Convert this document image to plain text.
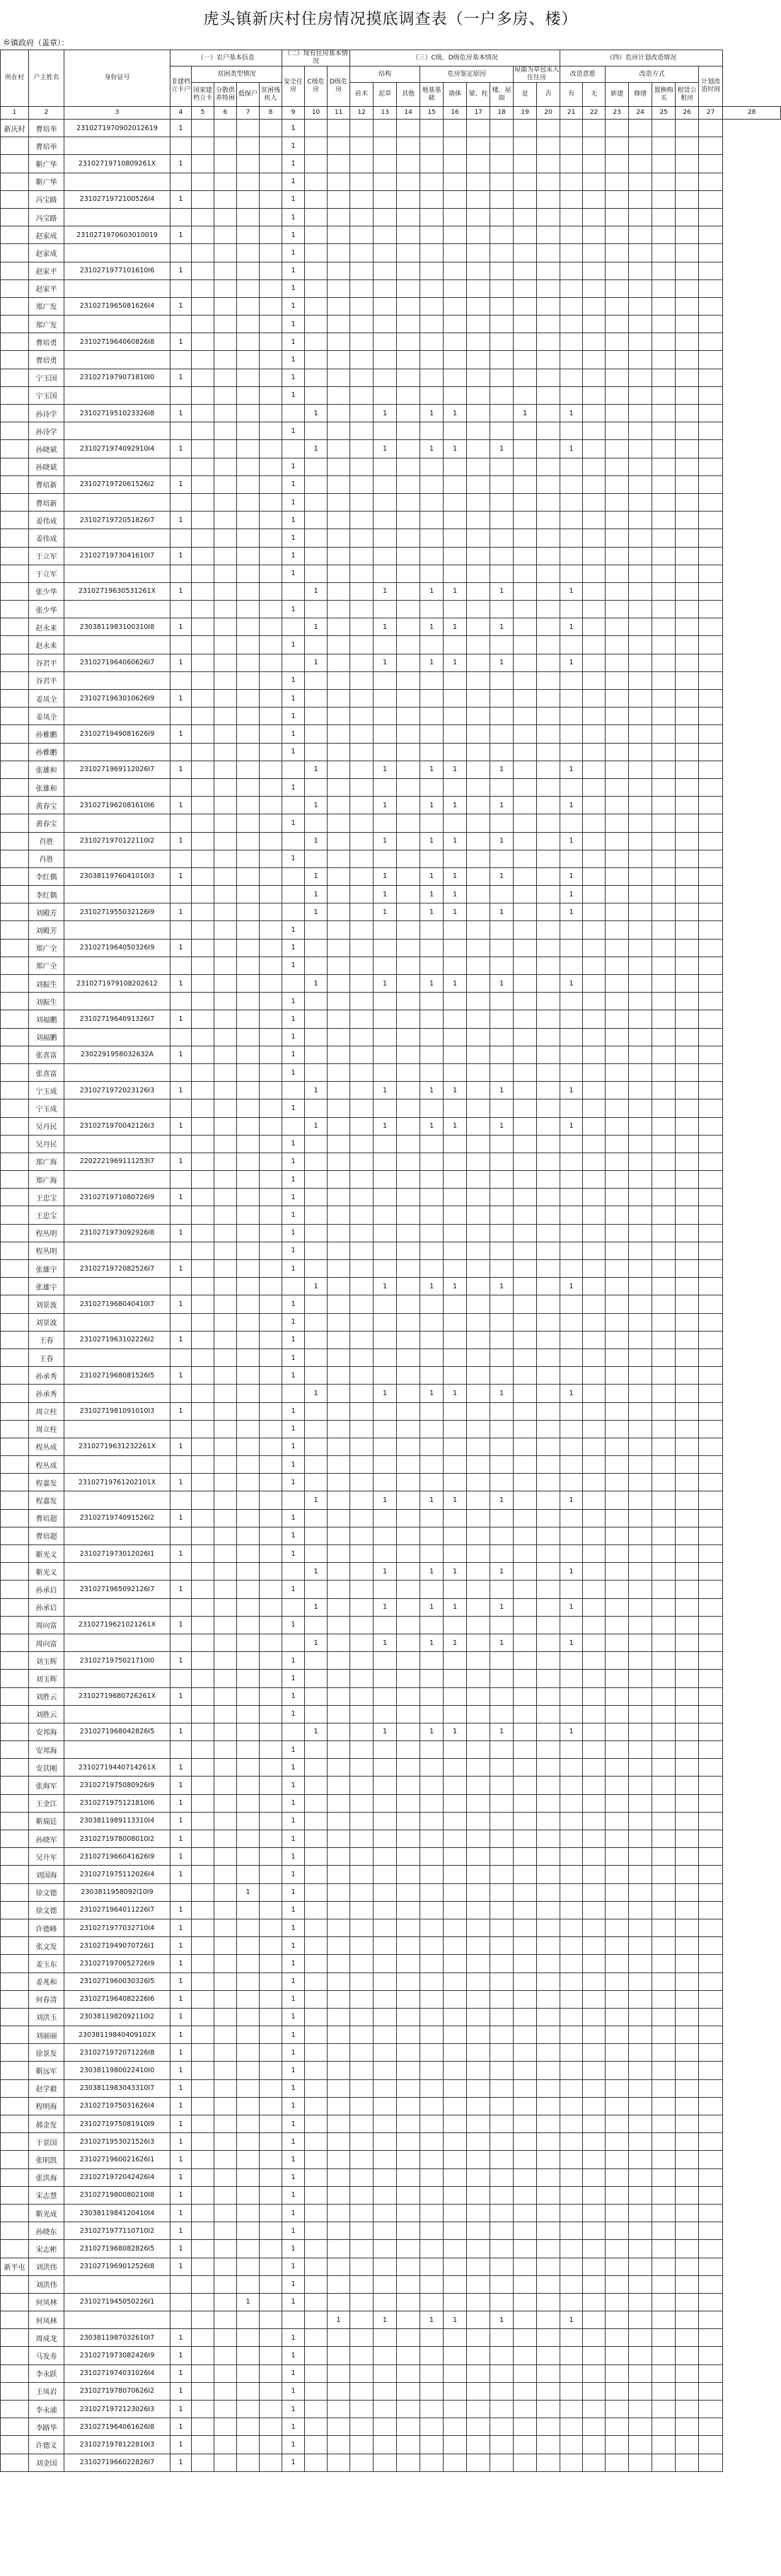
虎头镇新庆村住房情况摸底调查表（一户多房、楼）
乡镇政府（盖章）：
所在村	户主姓名	身份证号	（一）农户基本信息					（二）现有住房基本情况			（三）C级、D级危房基本情况									（四）危房计划改造情况							
			非建档立卡户	贫困类型情况				安全住房	C级危房	D级危房	结构			危房鉴定原因				屋面为草包未入住住房		改造意愿		改造方式				计划改造时间	
				国家建档立卡	分散供养特困	低保户	贫困残疾人				砖木	泥草	其他	地基基础	墙体	梁、柱	楼、屋面	是	否	有	无	新建	修缮	置换购买	租赁公租房		
1	2	3	4	5	6	7	8	9	10	11	12	13	14	15	16	17	18	19	20	21	22	23	24	25	26	27	28
新庆村	曹培举	2310271970902012619	1					1																			
	曹培举							1																			
	靳广华	23102719710809261X	1					1																			
	靳广华							1																			
	冯宝路	2310271972100526I4	1					1																			
	冯宝路							1																			
	赵家成	2310271970603010019	1					1																			
	赵家成							1																			
	赵家平	2310271977101610I6	1					1																			
	赵家平							1																			
	郑广发	2310271965081626I4	1					1																			
	郑广发							1																			
	曹培勇	2310271964060826I8	1					1																			
	曹培勇							1																			
	宁玉国	2310271979071810I0	1					1																			
	宁玉国							1																			
	孙诗学	2310271951023326I8	1						1			1		1	1			1		1							
	孙诗学							1																			
	孙晓斌	2310271974092910I4	1						1			1		1	1		1			1							
	孙晓斌							1																			
	曹培新	2310271972061526I2	1					1																			
	曹培新							1																			
	姜伟成	2310271972051826I7	1					1																			
	姜伟成							1																			
	于立军	2310271973041610I7	1					1																			
	于立军							1																			
	张少华	23102719630531261X	1						1			1		1	1		1			1							
	张少华							1																			
	赵永来	2303811983100310I8	1						1			1		1	1		1			1							
	赵永来							1																			
	谷君平	2310271964060626I7	1						1			1		1	1		1			1							
	谷君平							1																			
	姜凤全	2310271963010626I9	1					1																			
	姜凤全							1																			
	孙雅鹏	2310271949081626I9	1					1																			
	孙雅鹏							1																			
	张雄和	2310271969112026I7	1						1			1		1	1		1			1							
	张雄和							1																			
	黄春宝	2310271962081610I6	1						1			1		1	1		1			1							
	黄春宝							1																			
	肖胜	2310271970122110I2	1						1			1		1	1		1			1							
	肖胜							1																			
	李红偶	2303811976041010I3	1						1			1		1	1		1			1							
	李红偶								1			1		1	1					1							
	刘殿芳	2310271955032126I9	1						1			1		1	1		1			1							
	刘殿芳							1																			
	郑广全	2310271964050326I9	1					1																			
	郑广全							1																			
	刘振生	2310271979108202612	1						1			1		1	1		1			1							
	刘振生							1																			
	刘福鹏	2310271964091326I7	1					1																			
	刘福鹏							1																			
	张喜富	2302291958032632A	1					1																			
	张喜富							1																			
	宁玉成	2310271972023126I3	1						1			1		1	1		1			1							
	宁玉成							1																			
	吴丹民	2310271970042126I3	1						1			1		1	1		1			1							
	吴丹民							1																			
	郑广海	2202221969111253I7	1					1																			
	郑广海							1																			
	王忠宝	2310271971080726I9	1					1																			
	王忠宝							1																			
	程丛明	2310271973092926I8	1					1																			
	程丛明							1																			
	张雄宇	2310271972082526I7	1					1																			
	张雄宇								1			1		1	1		1			1							
	刘景波	2310271968040410I7	1					1																			
	刘景波							1																			
	王春	2310271963102226I2	1					1																			
	王春							1																			
	孙承秀	2310271968081526I5	1					1																			
	孙承秀								1			1		1	1		1			1							
	周立柱	2310271981091010I3	1					1																			
	周立柱							1																			
	程丛成	23102719631232261X	1					1																			
	程丛成							1																			
	程嘉发	23102719761202101X	1					1																			
	程嘉发								1			1		1	1		1			1							
	曹培超	2310271974091526I2	1					1																			
	曹培超							1																			
	靳光义	2310271973012026I1	1					1																			
	靳光义								1			1		1	1		1			1							
	孙承启	2310271965092126I7	1					1																			
	孙承启								1			1		1	1		1			1							
	周向富	23102719621021261X	1					1																			
	周向富								1			1		1	1		1			1							
	刘玉辉	2310271975021710I0	1					1																			
	刘玉辉							1																			
	刘胜云	23102719680726261X	1					1																			
	刘胜云							1																			
	安邦海	2310271968042826I5	1						1			1		1	1		1			1							
	安邦海							1																			
	安其刚	23102719440714261X	1					1																			
	张海军	2310271975080926I9	1					1																			
	王金江	2310271975121810I6	1					1																			
	靳瑞廷	2303811989113310I4	1					1																			
	孙晓军	2310271978008010I2	1					1																			
	吴升军	2310271966041626I9	1					1																			
	刘国海	2310271975112026I4	1					1																			
	徐文德	2303811958092I10I9				1		1																			
	徐文德	2310271964011226I7	1					1																			
	许德峰	2310271977032710I4	1					1																			
	张文发	2310271949070726I1	1					1																			
	姜玉东	2310271970052726I9	1					1																			
	姜兆和	2310271960030326I5	1					1																			
	何春清	2310271964082226I6	1					1																			
	刘洪玉	2303811982092110I2	1					1																			
	刘丽丽	23038119840409102X	1					1																			
	徐景发	2310271972071226I8	1					1																			
	靳远军	2303811980022410I0	1					1																			
	赵学毅	2303811983043310I7	1					1																			
	程明海	2310271975031626I4	1					1																			
	郝金发	2310271975081910I9	1					1																			
	于景国	2310271953021526I3	1					1																			
	张明凯	2310271960021626I1	1					1																			
	张洪海	2310271972042426I4	1					1																			
	宋志慧	2310271980080210I8	1					1																			
	靳光成	2303811984120410I4	1					1																			
	孙晓东	2310271977110710I2	1					1																			
	宋志彬	2310271968082826I5	1					1																			
新平屯	刘洪伟	2310271969012526I8	1					1																			
	刘洪伟							1																			
	何凤林	2310271945050226I1				1		1																			
	何凤林									1		1		1	1		1			1							
	周成龙	2303811987032610I7	1					1																			
	马发寿	2310271973082426I9	1					1																			
	李永跃	2310271974031026I4	1					1																			
	王凤岩	2310271978070626I2	1					1																			
	李永浦	2310271972123026I3	1					1																			
	李路华	2310271964061626I8	1					1																			
	许德义	2310271978122810I3	1					1																			
	刘金国	2310271966022826I7	1					1																			
